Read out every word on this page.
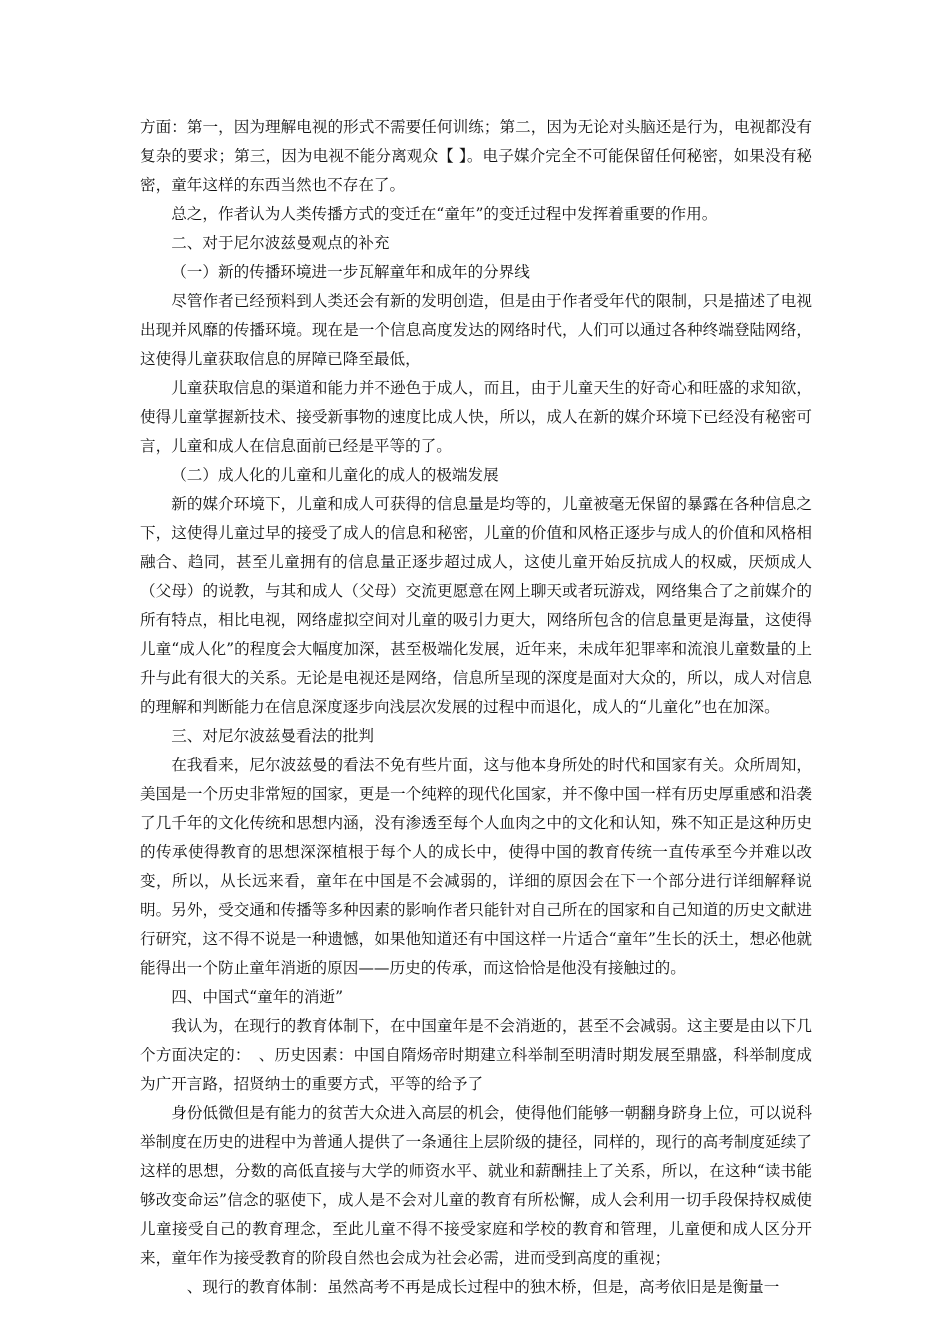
方面：第一，因为理解电视的形式不需要任何训练；第二，因为无论对头脑还是行为，电视都没有复杂的要求；第三，因为电视不能分离观众【 】。电子媒介完全不可能保留任何秘密，如果没有秘密，童年这样的东西当然也不存在了。

总之，作者认为人类传播方式的变迁在“童年”的变迁过程中发挥着重要的作用。

二、对于尼尔波兹曼观点的补充

（一）新的传播环境进一步瓦解童年和成年的分界线

尽管作者已经预料到人类还会有新的发明创造，但是由于作者受年代的限制，只是描述了电视出现并风靡的传播环境。现在是一个信息高度发达的网络时代，人们可以通过各种终端登陆网络，这使得儿童获取信息的屏障已降至最低，

儿童获取信息的渠道和能力并不逊色于成人，而且，由于儿童天生的好奇心和旺盛的求知欲，使得儿童掌握新技术、接受新事物的速度比成人快，所以，成人在新的媒介环境下已经没有秘密可言，儿童和成人在信息面前已经是平等的了。

（二）成人化的儿童和儿童化的成人的极端发展

新的媒介环境下，儿童和成人可获得的信息量是均等的，儿童被毫无保留的暴露在各种信息之下，这使得儿童过早的接受了成人的信息和秘密，儿童的价值和风格正逐步与成人的价值和风格相融合、趋同，甚至儿童拥有的信息量正逐步超过成人，这使儿童开始反抗成人的权威，厌烦成人（父母）的说教，与其和成人（父母）交流更愿意在网上聊天或者玩游戏，网络集合了之前媒介的所有特点，相比电视，网络虚拟空间对儿童的吸引力更大，网络所包含的信息量更是海量，这使得儿童“成人化”的程度会大幅度加深，甚至极端化发展，近年来，未成年犯罪率和流浪儿童数量的上升与此有很大的关系。无论是电视还是网络，信息所呈现的深度是面对大众的，所以，成人对信息的理解和判断能力在信息深度逐步向浅层次发展的过程中而退化，成人的“儿童化”也在加深。

三、对尼尔波兹曼看法的批判

在我看来，尼尔波兹曼的看法不免有些片面，这与他本身所处的时代和国家有关。众所周知，美国是一个历史非常短的国家，更是一个纯粹的现代化国家，并不像中国一样有历史厚重感和沿袭了几千年的文化传统和思想内涵，没有渗透至每个人血肉之中的文化和认知，殊不知正是这种历史的传承使得教育的思想深深植根于每个人的成长中，使得中国的教育传统一直传承至今并难以改变，所以，从长远来看，童年在中国是不会减弱的，详细的原因会在下一个部分进行详细解释说明。另外，受交通和传播等多种因素的影响作者只能针对自己所在的国家和自己知道的历史文献进行研究，这不得不说是一种遗憾，如果他知道还有中国这样一片适合“童年”生长的沃土，想必他就能得出一个防止童年消逝的原因——历史的传承，而这恰恰是他没有接触过的。

四、中国式“童年的消逝”

我认为，在现行的教育体制下，在中国童年是不会消逝的，甚至不会减弱。这主要是由以下几个方面决定的：　、历史因素：中国自隋炀帝时期建立科举制至明清时期发展至鼎盛，科举制度成为广开言路，招贤纳士的重要方式，平等的给予了

身份低微但是有能力的贫苦大众进入高层的机会，使得他们能够一朝翻身跻身上位，可以说科举制度在历史的进程中为普通人提供了一条通往上层阶级的捷径，同样的，现行的高考制度延续了这样的思想，分数的高低直接与大学的师资水平、就业和薪酬挂上了关系，所以，在这种“读书能够改变命运”信念的驱使下，成人是不会对儿童的教育有所松懈，成人会利用一切手段保持权威使儿童接受自己的教育理念，至此儿童不得不接受家庭和学校的教育和管理，儿童便和成人区分开来，童年作为接受教育的阶段自然也会成为社会必需，进而受到高度的重视；

　、现行的教育体制：虽然高考不再是成长过程中的独木桥，但是，高考依旧是是衡量一
